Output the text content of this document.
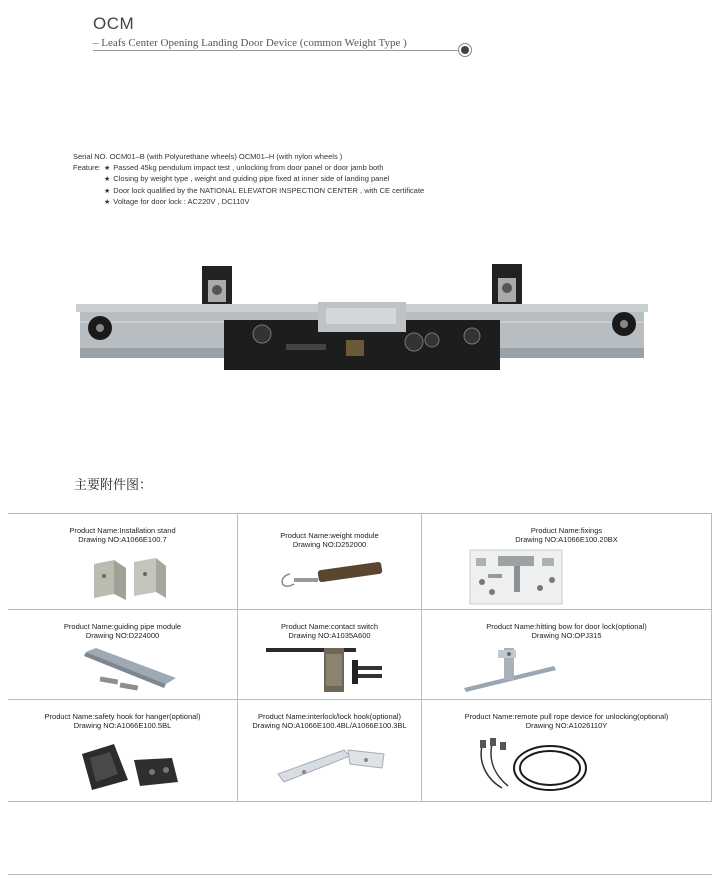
OCM
– Leafs Center Opening Landing Door Device (common Weight Type )
Serial NO. OCM01–B (with Polyurethane wheels) OCM01–H (with nylon wheels )
Feature:
★	Passed 45kg pendulum impact test , unlocking from door panel or door jamb both
★ Closing by weight type , weight and guiding pipe fixed at inner side of landing panel
★ Door lock qualified by the NATIONAL ELEVATOR INSPECTION CENTER , with CE certificate
★ Voltage for door lock : AC220V , DC110V
主要附件图：
Product Name:Installation stand
Drawing NO:A1066E100.7	Product Name:weight module
Drawing NO:D252000
Product Name:fixings
Drawing NO:A1066E100.20BX
Product Name:guiding pipe module
Drawing NO:D224000
Product Name:contact switch
Drawing NO:A1035A600
Product Name:hitting bow for door lock(optional)
Drawing NO:OPJ315
Product Name:safety hook for hanger(optional)
Drawing NO:A1066E100.5BL
Product Name:interlock/lock hook(optional)
Drawing NO:A1066E100.4BL/A1066E100.3BL
Product Name:remote pull rope device for unlocking(optional)
Drawing NO:A1026110Y
